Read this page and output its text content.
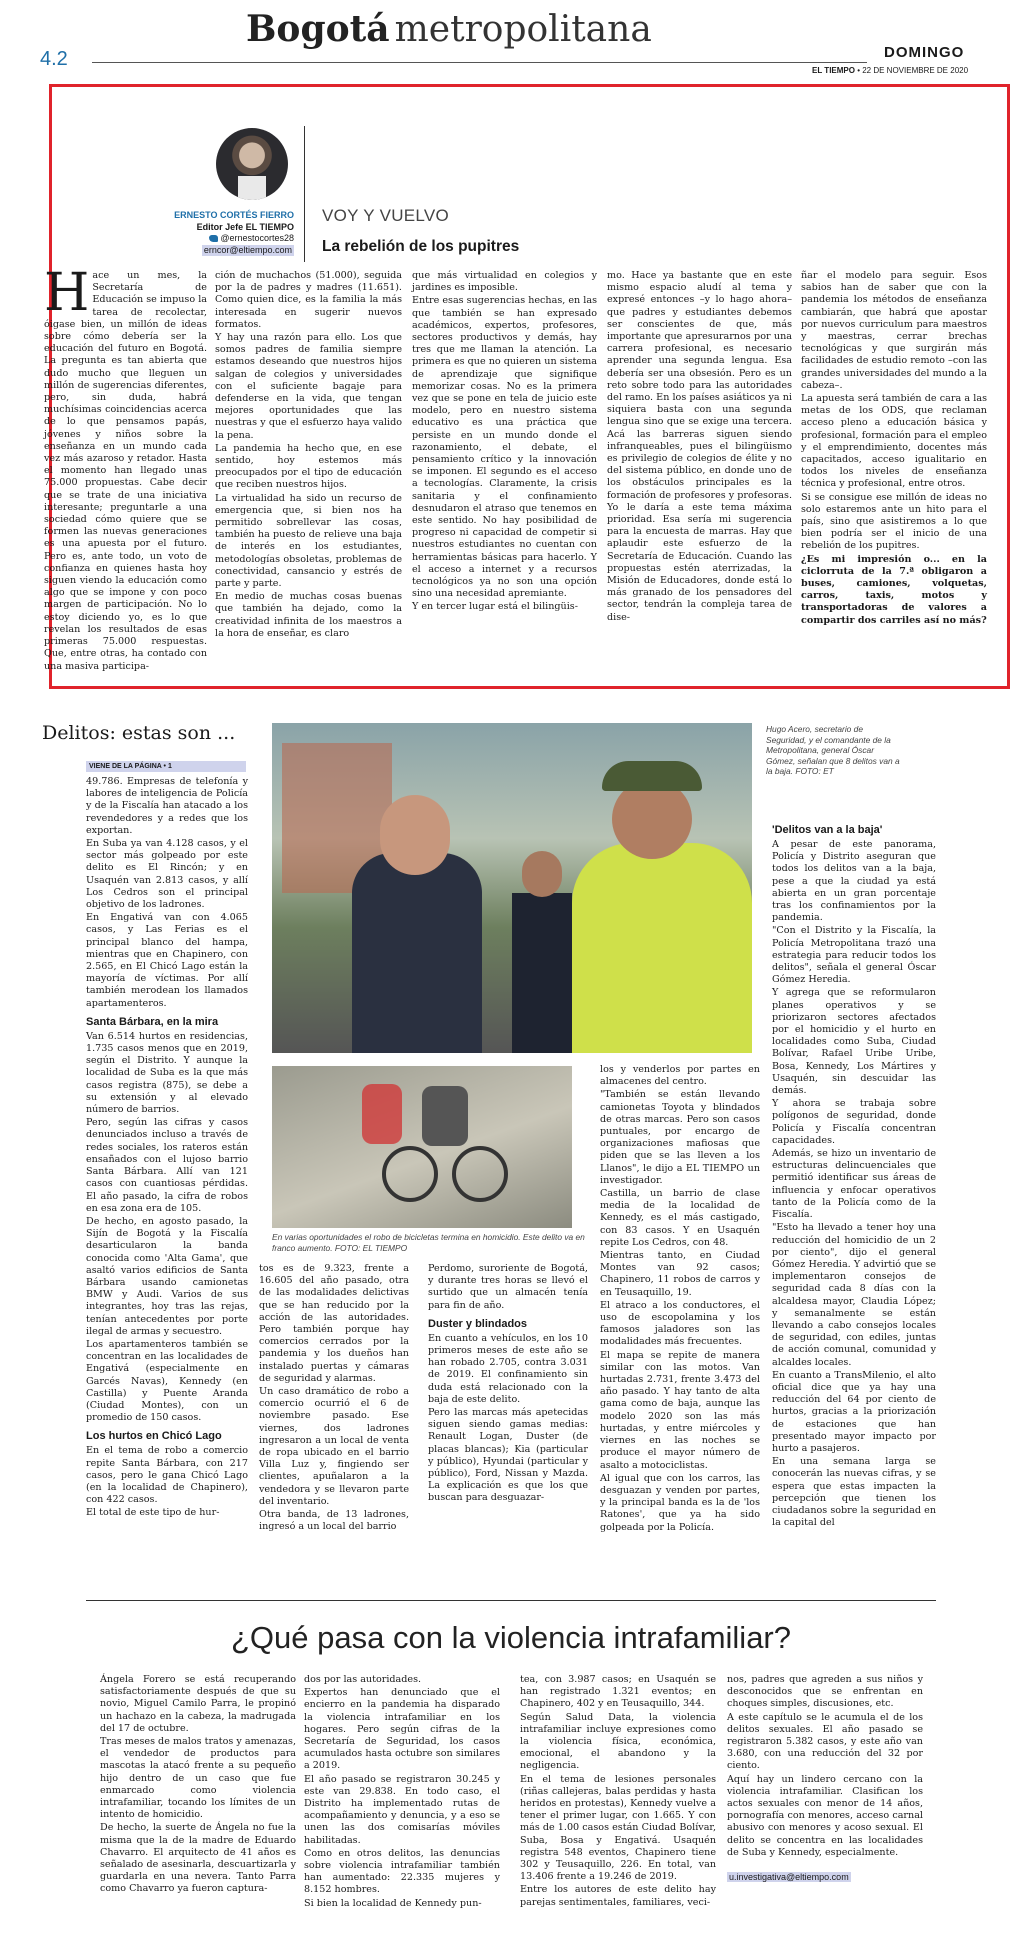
4.2
Bogotá metropolitana
DOMINGO
EL TIEMPO • 22 DE NOVIEMBRE DE 2020
ERNESTO CORTÉS FIERRO
Editor Jefe EL TIEMPO
@ernestocortes28
erncor@eltiempo.com
VOY Y VUELVO
La rebelión de los pupitres
H ace un mes, la Secretaría de Educación se impuso la tarea de recolectar, óigase bien, un millón de ideas sobre cómo debería ser la educación del futuro en Bogotá. La pregunta es tan abierta que dudo mucho que lleguen un millón de sugerencias diferentes, pero, sin duda, habrá muchísimas coincidencias acerca de lo que pensamos papás, jóvenes y niños sobre la enseñanza en un mundo cada vez más azaroso y retador. Hasta el momento han llegado unas 75.000 propuestas. Cabe decir que se trate de una iniciativa interesante; preguntarle a una sociedad cómo quiere que se formen las nuevas generaciones es una apuesta por el futuro. Pero es, ante todo, un voto de confianza en quienes hasta hoy siguen viendo la educación como algo que se impone y con poco margen de participación. No lo estoy diciendo yo, es lo que revelan los resultados de esas primeras 75.000 respuestas. Que, entre otras, ha contado con una masiva participa-

ción de muchachos (51.000), seguida por la de padres y madres (11.651). Como quien dice, es la familia la más interesada en sugerir nuevos formatos.

Y hay una razón para ello. Los que somos padres de familia siempre estamos deseando que nuestros hijos salgan de colegios y universidades con el suficiente bagaje para defenderse en la vida, que tengan mejores oportunidades que las nuestras y que el esfuerzo haya valido la pena.

La pandemia ha hecho que, en ese sentido, hoy estemos más preocupados por el tipo de educación que reciben nuestros hijos.

La virtualidad ha sido un recurso de emergencia que, si bien nos ha permitido sobrellevar las cosas, también ha puesto de relieve una baja de interés en los estudiantes, metodologías obsoletas, problemas de conectividad, cansancio y estrés de parte y parte.

En medio de muchas cosas buenas que también ha dejado, como la creatividad infinita de los maestros a la hora de enseñar, es claro

que más virtualidad en colegios y jardines es imposible.

Entre esas sugerencias hechas, en las que también se han expresado académicos, expertos, profesores, sectores productivos y demás, hay tres que me llaman la atención. La primera es que no quieren un sistema de aprendizaje que signifique memorizar cosas. No es la primera vez que se pone en tela de juicio este modelo, pero en nuestro sistema educativo es una práctica que persiste en un mundo donde el razonamiento, el debate, el pensamiento crítico y la innovación se imponen. El segundo es el acceso a tecnologías. Claramente, la crisis sanitaria y el confinamiento desnudaron el atraso que tenemos en este sentido. No hay posibilidad de progreso ni capacidad de competir si nuestros estudiantes no cuentan con herramientas básicas para hacerlo. Y el acceso a internet y a recursos tecnológicos ya no son una opción sino una necesidad apremiante.

Y en tercer lugar está el bilingüis-

mo. Hace ya bastante que en este mismo espacio aludí al tema y expresé entonces –y lo hago ahora– que padres y estudiantes debemos ser conscientes de que, más importante que apresurarnos por una carrera profesional, es necesario aprender una segunda lengua. Esa debería ser una obsesión. Pero es un reto sobre todo para las autoridades del ramo. En los países asiáticos ya ni siquiera basta con una segunda lengua sino que se exige una tercera. Acá las barreras siguen siendo infranqueables, pues el bilingüismo es privilegio de colegios de élite y no del sistema público, en donde uno de los obstáculos principales es la formación de profesores y profesoras. Yo le daría a este tema máxima prioridad. Esa sería mi sugerencia para la encuesta de marras. Hay que aplaudir este esfuerzo de la Secretaría de Educación. Cuando las propuestas estén aterrizadas, la Misión de Educadores, donde está lo más granado de los pensadores del sector, tendrán la compleja tarea de dise-

ñar el modelo para seguir. Esos sabios han de saber que con la pandemia los métodos de enseñanza cambiarán, que habrá que apostar por nuevos curriculum para maestros y maestras, cerrar brechas tecnológicas y que surgirán más facilidades de estudio remoto –con las grandes universidades del mundo a la cabeza–.

La apuesta será también de cara a las metas de los ODS, que reclaman acceso pleno a educación básica y profesional, formación para el empleo y el emprendimiento, docentes más capacitados, acceso igualitario en todos los niveles de enseñanza técnica y profesional, entre otros.

Si se consigue ese millón de ideas no solo estaremos ante un hito para el país, sino que asistiremos a lo que bien podría ser el inicio de una rebelión de los pupitres.

¿Es mi impresión o... en la ciclorruta de la 7.ª obligaron a buses, camiones, volquetas, carros, taxis, motos y transportadoras de valores a compartir dos carriles así no más?

Delitos: estas son ...
VIENE DE LA PÁGINA • 1

49.786. Empresas de telefonía y labores de inteligencia de Policía y de la Fiscalía han atacado a los revendedores y a redes que los exportan.

En Suba ya van 4.128 casos, y el sector más golpeado por este delito es El Rincón; y en Usaquén van 2.813 casos, y allí Los Cedros son el principal objetivo de los ladrones.

En Engativá van con 4.065 casos, y Las Ferias es el principal blanco del hampa, mientras que en Chapinero, con 2.565, en El Chicó Lago están la mayoría de víctimas. Por allí también merodean los llamados apartamenteros.

Santa Bárbara, en la mira

Van 6.514 hurtos en residencias, 1.735 casos menos que en 2019, según el Distrito. Y aunque la localidad de Suba es la que más casos registra (875), se debe a su extensión y al elevado número de barrios.

Pero, según las cifras y casos denunciados incluso a través de redes sociales, los rateros están ensañados con el lujoso barrio Santa Bárbara. Allí van 121 casos con cuantiosas pérdidas. El año pasado, la cifra de robos en esa zona era de 105.

De hecho, en agosto pasado, la Sijín de Bogotá y la Fiscalía desarticularon la banda conocida como 'Alta Gama', que asaltó varios edificios de Santa Bárbara usando camionetas BMW y Audi. Varios de sus integrantes, hoy tras las rejas, tenían antecedentes por porte ilegal de armas y secuestro.

Los apartamenteros también se concentran en las localidades de Engativá (especialmente en Garcés Navas), Kennedy (en Castilla) y Puente Aranda (Ciudad Montes), con un promedio de 150 casos.

Los hurtos en Chicó Lago

En el tema de robo a comercio repite Santa Bárbara, con 217 casos, pero le gana Chicó Lago (en la localidad de Chapinero), con 422 casos.

El total de este tipo de hur-

Hugo Acero, secretario de Seguridad, y el comandante de la Metropolitana, general Óscar Gómez, señalan que 8 delitos van a la baja. FOTO: ET
En varias oportunidades el robo de bicicletas termina en homicidio. Este delito va en franco aumento. FOTO: EL TIEMPO

tos es de 9.323, frente a 16.605 del año pasado, otra de las modalidades delictivas que se han reducido por la acción de las autoridades. Pero también porque hay comercios cerrados por la pandemia y los dueños han instalado puertas y cámaras de seguridad y alarmas.

Un caso dramático de robo a comercio ocurrió el 6 de noviembre pasado. Ese viernes, dos ladrones ingresaron a un local de venta de ropa ubicado en el barrio Villa Luz y, fingiendo ser clientes, apuñalaron a la vendedora y se llevaron parte del inventario.

Otra banda, de 13 ladrones, ingresó a un local del barrio

Perdomo, suroriente de Bogotá, y durante tres horas se llevó el surtido que un almacén tenía para fin de año.

Duster y blindados

En cuanto a vehículos, en los 10 primeros meses de este año se han robado 2.705, contra 3.031 de 2019. El confinamiento sin duda está relacionado con la baja de este delito.

Pero las marcas más apetecidas siguen siendo gamas medias: Renault Logan, Duster (de placas blancas); Kia (particular y público), Hyundai (particular y público), Ford, Nissan y Mazda. La explicación es que los que buscan para desguazar-

los y venderlos por partes en almacenes del centro.

"También se están llevando camionetas Toyota y blindados de otras marcas. Pero son casos puntuales, por encargo de organizaciones mafiosas que piden que se las lleven a los Llanos", le dijo a EL TIEMPO un investigador.

Castilla, un barrio de clase media de la localidad de Kennedy, es el más castigado, con 83 casos. Y en Usaquén repite Los Cedros, con 48.

Mientras tanto, en Ciudad Montes van 92 casos; Chapinero, 11 robos de carros y en Teusaquillo, 19.

El atraco a los conductores, el uso de escopolamina y los famosos jaladores son las modalidades más frecuentes.

El mapa se repite de manera similar con las motos. Van hurtadas 2.731, frente 3.473 del año pasado. Y hay tanto de alta gama como de baja, aunque las modelo 2020 son las más hurtadas, y entre miércoles y viernes en las noches se produce el mayor número de asalto a motociclistas.

Al igual que con los carros, las desguazan y venden por partes, y la principal banda es la de 'los Ratones', que ya ha sido golpeada por la Policía.

'Delitos van a la baja'

A pesar de este panorama, Policía y Distrito aseguran que todos los delitos van a la baja, pese a que la ciudad ya está abierta en un gran porcentaje tras los confinamientos por la pandemia.

"Con el Distrito y la Fiscalía, la Policía Metropolitana trazó una estrategia para reducir todos los delitos", señala el general Óscar Gómez Heredia.

Y agrega que se reformularon planes operativos y se priorizaron sectores afectados por el homicidio y el hurto en localidades como Suba, Ciudad Bolívar, Rafael Uribe Uribe, Bosa, Kennedy, Los Mártires y Usaquén, sin descuidar las demás.

Y ahora se trabaja sobre polígonos de seguridad, donde Policía y Fiscalía concentran capacidades.

Además, se hizo un inventario de estructuras delincuenciales que permitió identificar sus áreas de influencia y enfocar operativos tanto de la Policía como de la Fiscalía.

"Esto ha llevado a tener hoy una reducción del homicidio de un 2 por ciento", dijo el general Gómez Heredia. Y advirtió que se implementaron consejos de seguridad cada 8 días con la alcaldesa mayor, Claudia López; y semanalmente se están llevando a cabo consejos locales de seguridad, con ediles, juntas de acción comunal, comunidad y alcaldes locales.

En cuanto a TransMilenio, el alto oficial dice que ya hay una reducción del 64 por ciento de hurtos, gracias a la priorización de estaciones que han presentado mayor impacto por hurto a pasajeros.

En una semana larga se conocerán las nuevas cifras, y se espera que estas impacten la percepción que tienen los ciudadanos sobre la seguridad en la capital del

¿Qué pasa con la violencia intrafamiliar?

Ángela Forero se está recuperando satisfactoriamente después de que su novio, Miguel Camilo Parra, le propinó un hachazo en la cabeza, la madrugada del 17 de octubre.

Tras meses de malos tratos y amenazas, el vendedor de productos para mascotas la atacó frente a su pequeño hijo dentro de un caso que fue enmarcado como violencia intrafamiliar, tocando los límites de un intento de homicidio.

De hecho, la suerte de Ángela no fue la misma que la de la madre de Eduardo Chavarro. El arquitecto de 41 años es señalado de asesinarla, descuartizarla y guardarla en una nevera. Tanto Parra como Chavarro ya fueron captura-

dos por las autoridades.

Expertos han denunciado que el encierro en la pandemia ha disparado la violencia intrafamiliar en los hogares. Pero según cifras de la Secretaría de Seguridad, los casos acumulados hasta octubre son similares a 2019.

El año pasado se registraron 30.245 y este van 29.838. En todo caso, el Distrito ha implementado rutas de acompañamiento y denuncia, y a eso se unen las dos comisarías móviles habilitadas.

Como en otros delitos, las denuncias sobre violencia intrafamiliar también han aumentado: 22.335 mujeres y 8.152 hombres.

Si bien la localidad de Kennedy pun-

tea, con 3.987 casos; en Usaquén se han registrado 1.321 eventos; en Chapinero, 402 y en Teusaquillo, 344.

Según Salud Data, la violencia intrafamiliar incluye expresiones como la violencia física, económica, emocional, el abandono y la negligencia.

En el tema de lesiones personales (riñas callejeras, balas perdidas y hasta heridos en protestas), Kennedy vuelve a tener el primer lugar, con 1.665. Y con más de 1.00 casos están Ciudad Bolívar, Suba, Bosa y Engativá. Usaquén registra 548 eventos, Chapinero tiene 302 y Teusaquillo, 226. En total, van 13.406 frente a 19.246 de 2019.

Entre los autores de este delito hay parejas sentimentales, familiares, veci-

nos, padres que agreden a sus niños y desconocidos que se enfrentan en choques simples, discusiones, etc.

A este capítulo se le acumula el de los delitos sexuales. El año pasado se registraron 5.382 casos, y este año van 3.680, con una reducción del 32 por ciento.

Aquí hay un lindero cercano con la violencia intrafamiliar. Clasifican los actos sexuales con menor de 14 años, pornografía con menores, acceso carnal abusivo con menores y acoso sexual. El delito se concentra en las localidades de Suba y Kennedy, especialmente.

u.investigativa@eltiempo.com
